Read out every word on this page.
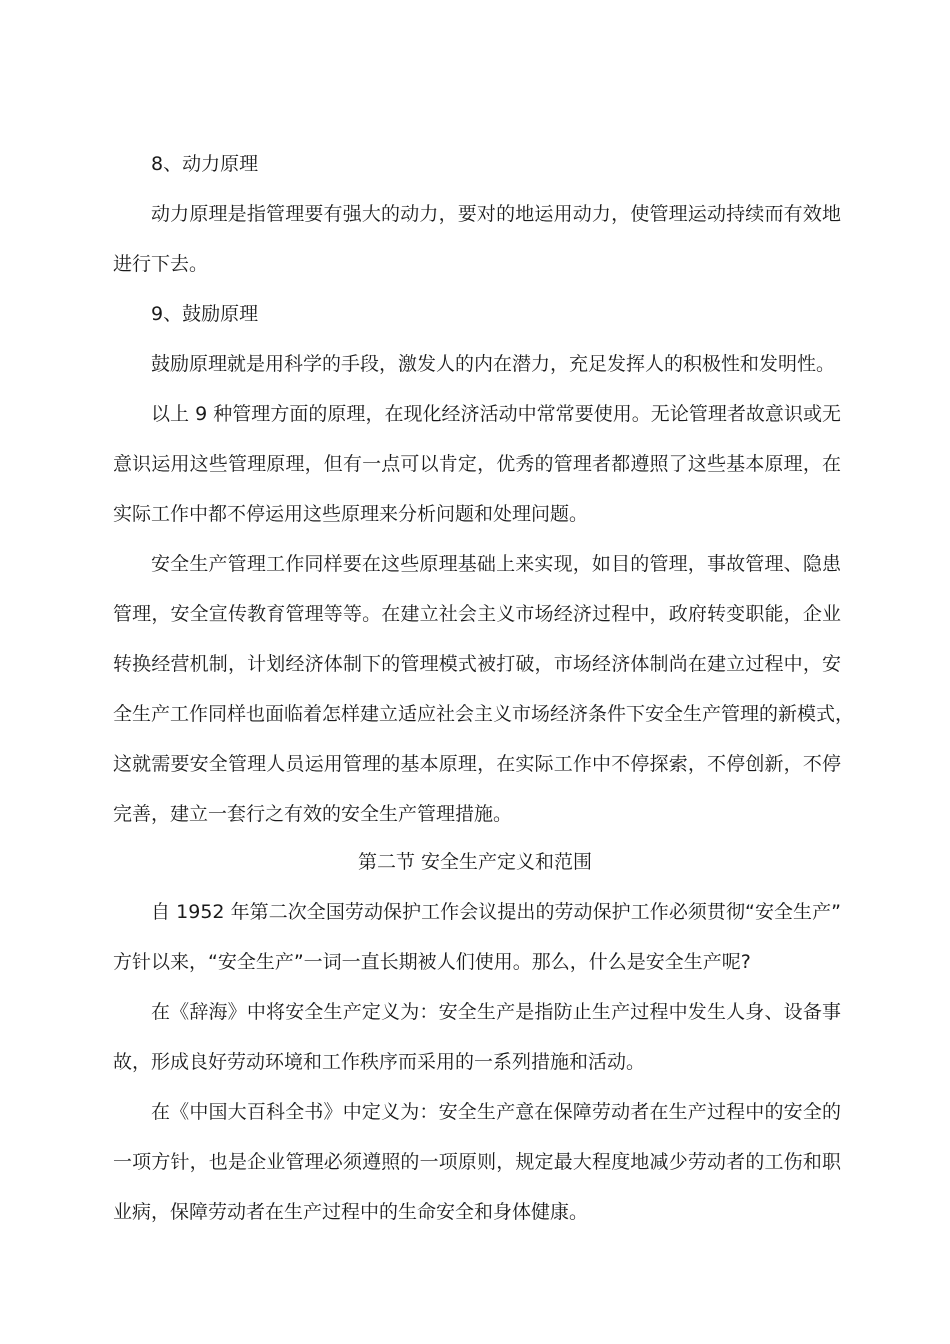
8、动力原理
动力原理是指管理要有强大的动力，要对的地运用动力，使管理运动持续而有效地
进行下去。
9、鼓励原理
鼓励原理就是用科学的手段，激发人的内在潜力，充足发挥人的积极性和发明性。
以上 9 种管理方面的原理，在现化经济活动中常常要使用。无论管理者故意识或无
意识运用这些管理原理，但有一点可以肯定，优秀的管理者都遵照了这些基本原理，在
实际工作中都不停运用这些原理来分析问题和处理问题。
安全生产管理工作同样要在这些原理基础上来实现，如目的管理，事故管理、隐患
管理，安全宣传教育管理等等。在建立社会主义市场经济过程中，政府转变职能，企业
转换经营机制，计划经济体制下的管理模式被打破，市场经济体制尚在建立过程中，安
全生产工作同样也面临着怎样建立适应社会主义市场经济条件下安全生产管理的新模式，
这就需要安全管理人员运用管理的基本原理，在实际工作中不停探索，不停创新，不停
完善，建立一套行之有效的安全生产管理措施。
第二节 安全生产定义和范围
自 1952 年第二次全国劳动保护工作会议提出的劳动保护工作必须贯彻“安全生产”
方针以来，“安全生产”一词一直长期被人们使用。那么，什么是安全生产呢?
在《辞海》中将安全生产定义为：安全生产是指防止生产过程中发生人身、设备事
故，形成良好劳动环境和工作秩序而采用的一系列措施和活动。
在《中国大百科全书》中定义为：安全生产意在保障劳动者在生产过程中的安全的
一项方针，也是企业管理必须遵照的一项原则，规定最大程度地减少劳动者的工伤和职
业病，保障劳动者在生产过程中的生命安全和身体健康。
